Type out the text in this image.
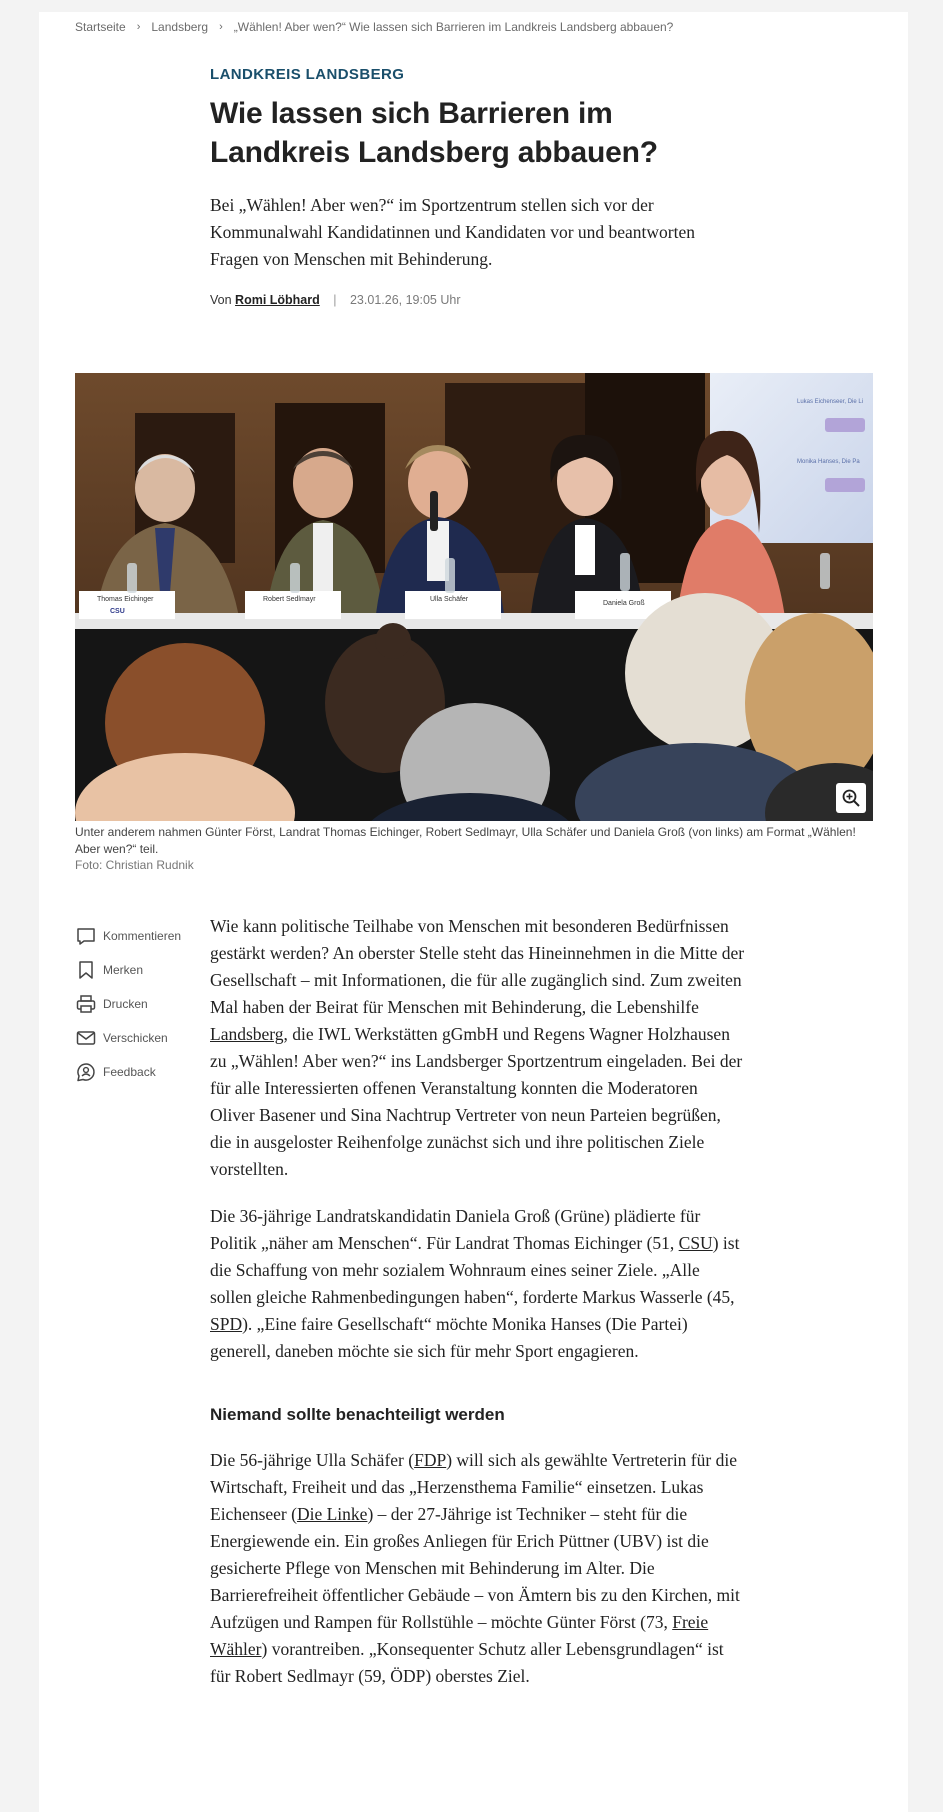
Startseite › Landsberg › „Wählen! Aber wen?“ Wie lassen sich Barrieren im Landkreis Landsberg abbauen?
LANDKREIS LANDSBERG
Wie lassen sich Barrieren im Landkreis Landsberg abbauen?

Bei „Wählen! Aber wen?“ im Sportzentrum stellen sich vor der Kommunalwahl Kandidatinnen und Kandidaten vor und beantworten Fragen von Menschen mit Behinderung.

Von Romi Löbhard | 23.01.26, 19:05 Uhr
Lukas Eichenseer, Die Li
Monika Hanses, Die Pa
Thomas Eichinger
CSU
Robert Sedlmayr	Ulla Schäfer
Daniela Groß

Unter anderem nahmen Günter Först, Landrat Thomas Eichinger, Robert Sedlmayr, Ulla Schäfer und Daniela Groß (von links) am Format „Wählen! Aber wen?“ teil.

Foto: Christian Rudnik

Kommentieren
Merken
Drucken
Verschicken
Feedback

Wie kann politische Teilhabe von Menschen mit besonderen Bedürfnissen gestärkt werden? An oberster Stelle steht das Hineinnehmen in die Mitte der Gesellschaft – mit Informationen, die für alle zugänglich sind. Zum zweiten Mal haben der Beirat für Menschen mit Behinderung, die Lebenshilfe Landsberg, die IWL Werkstätten gGmbH und Regens Wagner Holzhausen zu „Wählen! Aber wen?“ ins Landsberger Sportzentrum eingeladen. Bei der für alle Interessierten offenen Veranstaltung konnten die Moderatoren Oliver Basener und Sina Nachtrup Vertreter von neun Parteien begrüßen, die in ausgeloster Reihenfolge zunächst sich und ihre politischen Ziele vorstellten.

Die 36-jährige Landratskandidatin Daniela Groß (Grüne) plädierte für Politik „näher am Menschen“. Für Landrat Thomas Eichinger (51, CSU) ist die Schaffung von mehr sozialem Wohnraum eines seiner Ziele. „Alle sollen gleiche Rahmenbedingungen haben“, forderte Markus Wasserle (45, SPD). „Eine faire Gesellschaft“ möchte Monika Hanses (Die Partei) generell, daneben möchte sie sich für mehr Sport engagieren.

Niemand sollte benachteiligt werden

Die 56-jährige Ulla Schäfer (FDP) will sich als gewählte Vertreterin für die Wirtschaft, Freiheit und das „Herzensthema Familie“ einsetzen. Lukas Eichenseer (Die Linke) – der 27-Jährige ist Techniker – steht für die Energiewende ein. Ein großes Anliegen für Erich Püttner (UBV) ist die gesicherte Pflege von Menschen mit Behinderung im Alter. Die Barrierefreiheit öffentlicher Gebäude – von Ämtern bis zu den Kirchen, mit Aufzügen und Rampen für Rollstühle – möchte Günter Först (73, Freie Wähler) vorantreiben. „Konsequenter Schutz aller Lebensgrundlagen“ ist für Robert Sedlmayr (59, ÖDP) oberstes Ziel.
